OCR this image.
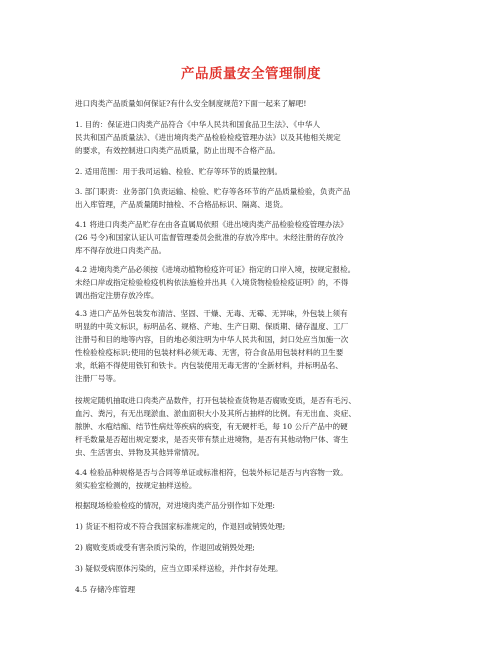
产品质量安全管理制度
进口肉类产品质量如何保证?有什么安全制度规范?下面一起来了解吧!
1. 目的：保证进口肉类产品符合《中华人民共和国食品卫生法》、《中华人
民共和国产品质量法》、《进出境肉类产品检验检疫管理办法》以及其他相关规定
的要求，有效控制进口肉类产品质量，防止出现不合格产品。
2. 适用范围：用于我司运输、检验、贮存等环节的质量控制。
3. 部门职责：业务部门负责运输、检验、贮存等各环节的产品质量检验，负责产品
出入库管理，产品质量随时抽检、不合格品标识、隔离、退货。
4.1 将进口肉类产品贮存在由各直属局依照《进出境肉类产品检验检疫管理办法》
(26 号令)和国家认证认可监督管理委员会批准的存放冷库中。未经注册的存放冷
库不得存放进口肉类产品。
4.2 进境肉类产品必须按《进境动植物检疫许可证》指定的口岸入境，按规定报检。
未经口岸或指定检验检疫机构依法施检并出具《入境货物检验检疫证明》的，不得
调出指定注册存放冷库。
4.3 进口产品外包装发布清洁、坚固、干燥、无毒、无霉、无异味，外包装上须有
明显的中英文标识，标明品名、规格、产地、生产日期、保质期、储存温度、工厂
注册号和目的地等内容，目的地必须注明为中华人民共和国，封口处应当加施一次
性检验检疫标识;使用的包装材料必须无毒、无害，符合食品用包装材料的卫生要
求，纸箱不得使用铁钉和铁卡。内包装使用无毒无害的'全新材料，并标明品名、
注册厂号等。
按规定随机抽取进口肉类产品数件，打开包装检查货物是否腐败变质，是否有毛污、
血污、粪污，有无出现淤血、淤血面积大小及其所占抽样的比例。有无出血、炎症、
脓肿、水疱结痂、结节性病灶等疾病的病变，有无硬杆毛，每 10 公斤产品中的硬
杆毛数量是否超出规定要求，是否夹带有禁止进境物，是否有其他动物尸体、寄生
虫、生活害虫、异物及其他异常情况。
4.4 检验品种规格是否与合同等单证或标准相符，包装外标记是否与内容物一致。
须实验室检测的，按规定抽样送检。
根据现场检验检疫的情况，对进境肉类产品分别作如下处理:
1) 货证不相符或不符合我国家标准规定的，作退回或销毁处理;
2) 腐败变质或受有害杂质污染的，作退回或销毁处理;
3) 疑似受病原体污染的，应当立即采样送检，并作封存处理。
4.5 存储冷库管理
